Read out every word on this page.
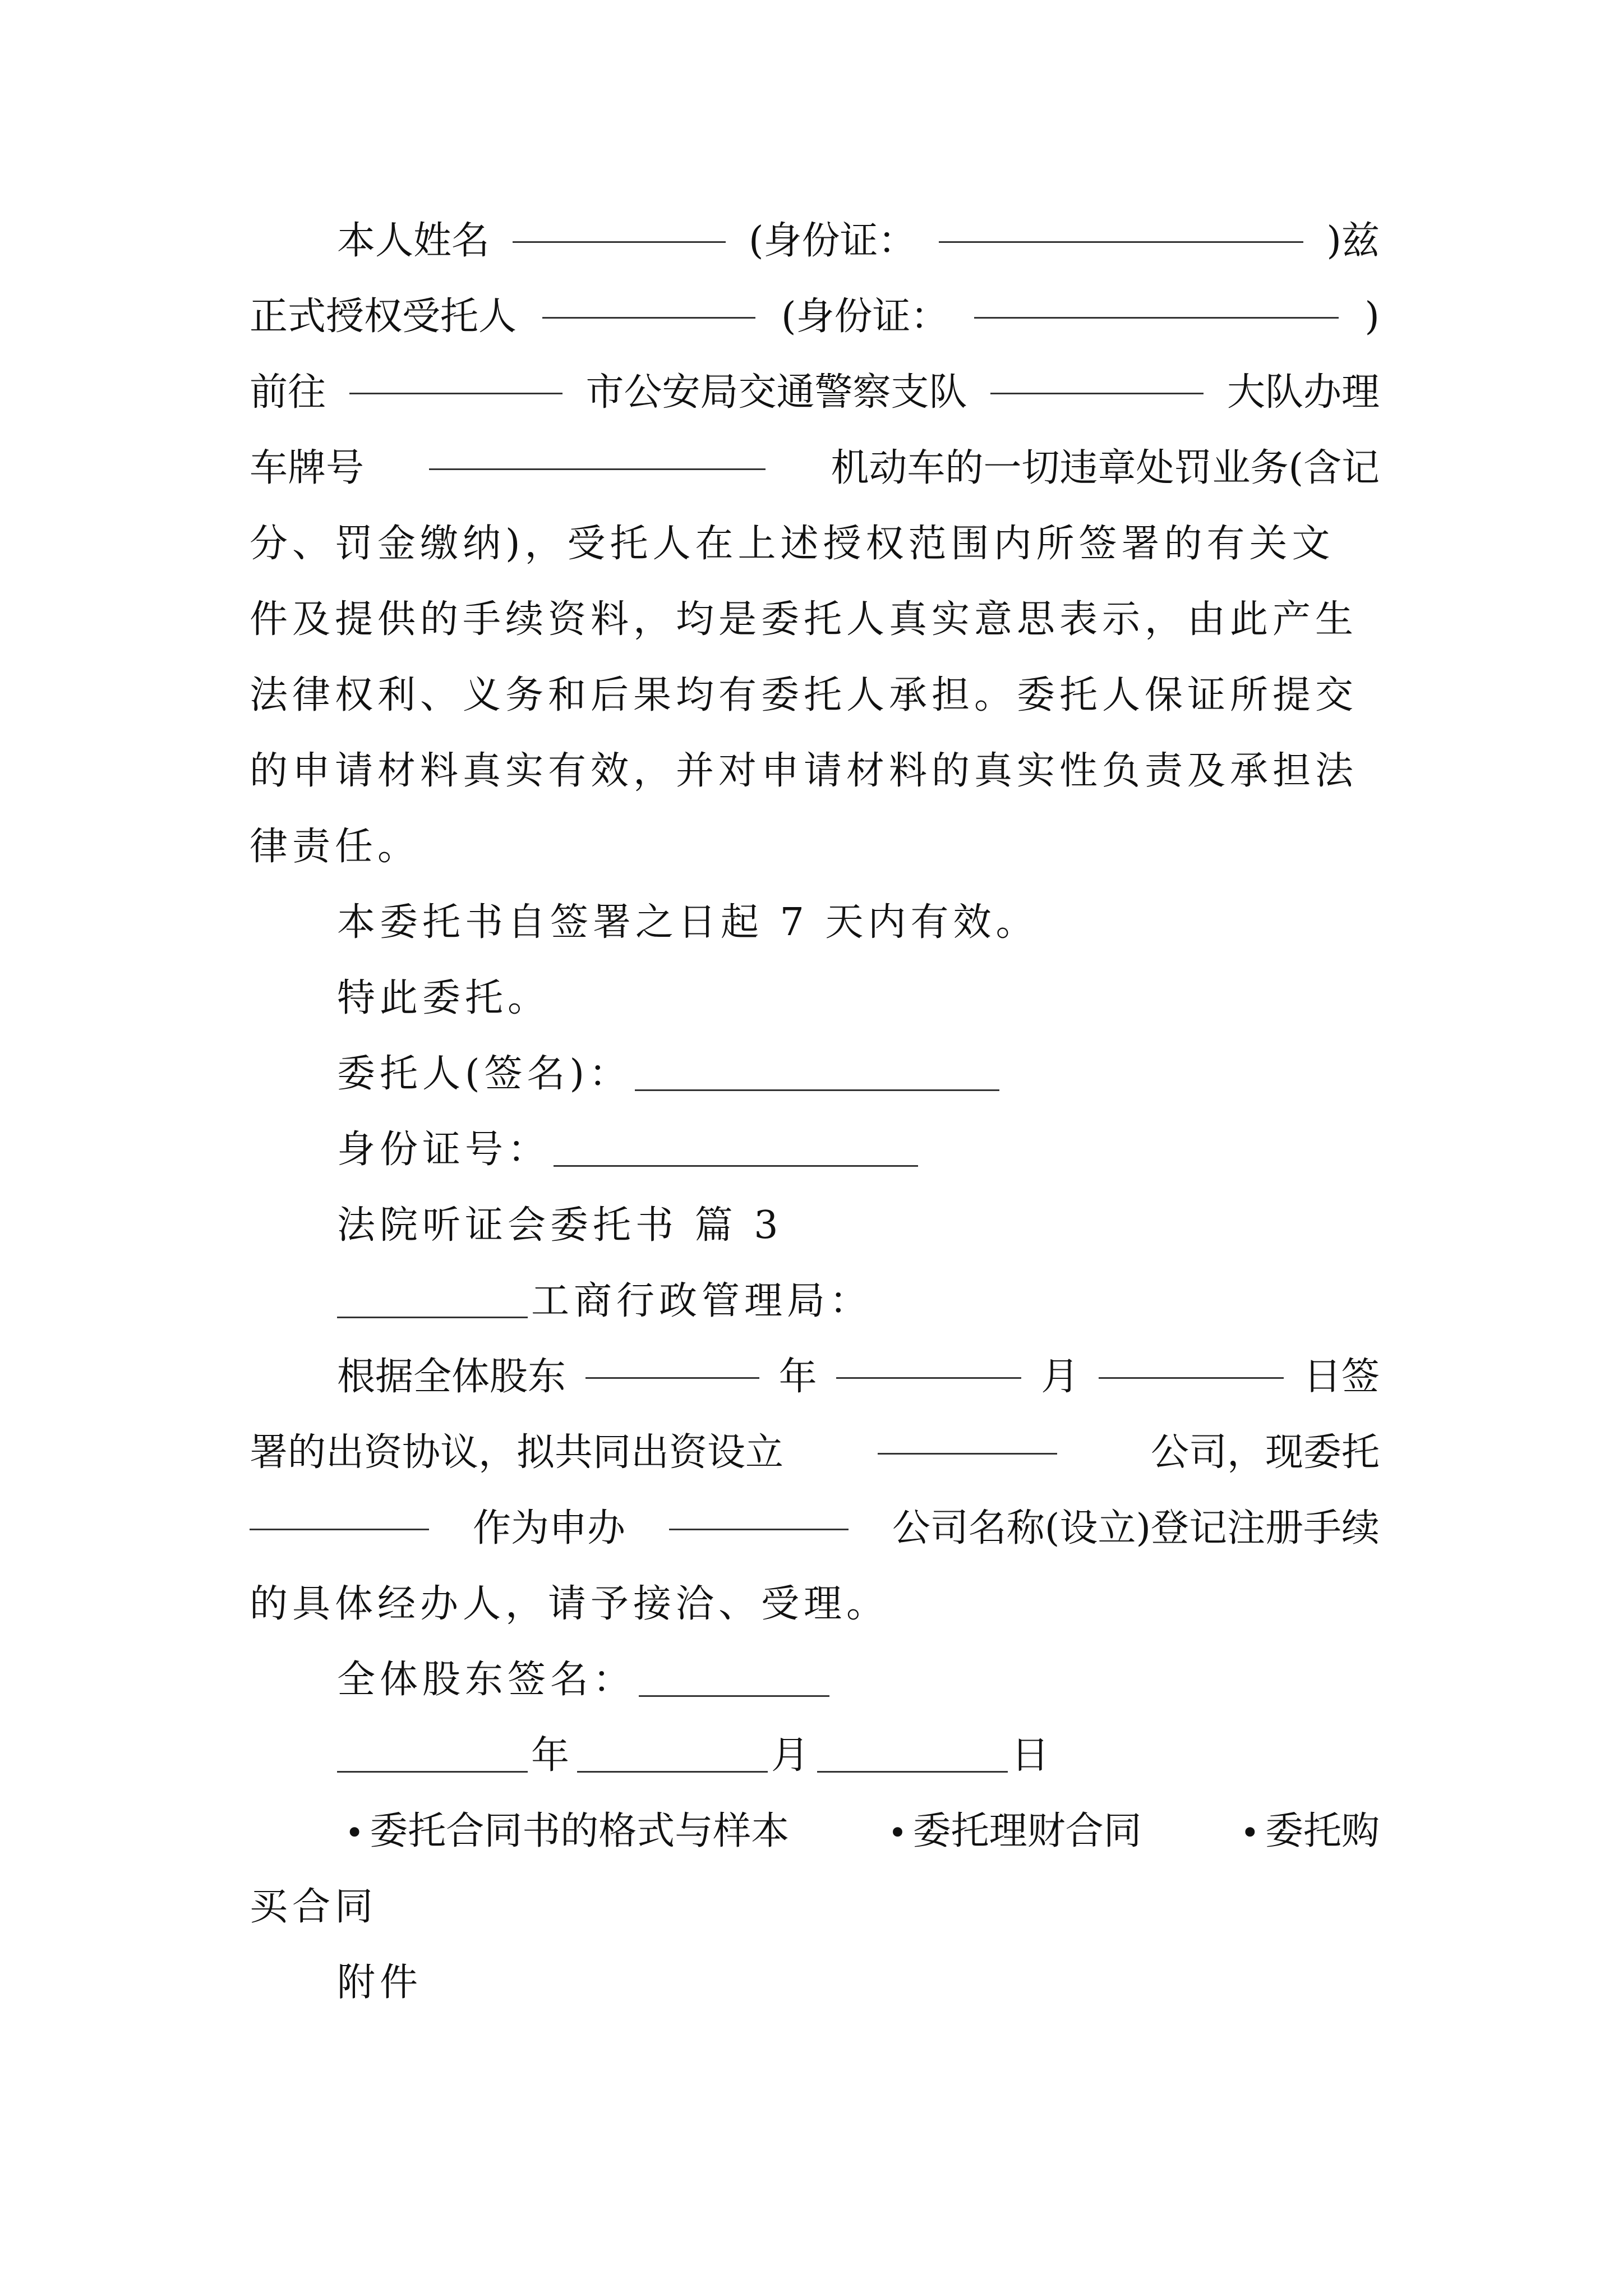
本人姓名	(身份证：	)兹
正式授权受托人	(身份证：	)
前往	市公安局交通警察支队	大队办理
车牌号	机动车的一切违章处罚业务(含记
分、罚金缴纳)，受托人在上述授权范围内所签署的有关文
件及提供的手续资料，均是委托人真实意思表示，由此产生
法律权利、义务和后果均有委托人承担。委托人保证所提交
的申请材料真实有效，并对申请材料的真实性负责及承担法
律责任。
本委托书自签署之日起 7 天内有效。
特此委托。
委托人(签名)：
身份证号：
法院听证会委托书 篇 3
工商行政管理局：
根据全体股东	年	月	日签
署的出资协议，拟共同出资设立	公司，现委托
作为申办	公司名称(设立)登记注册手续
的具体经办人，请予接洽、受理。
全体股东签名：
年	月	日
• 委托合同书的格式与样本	• 委托理财合同	• 委托购
买合同
附件
